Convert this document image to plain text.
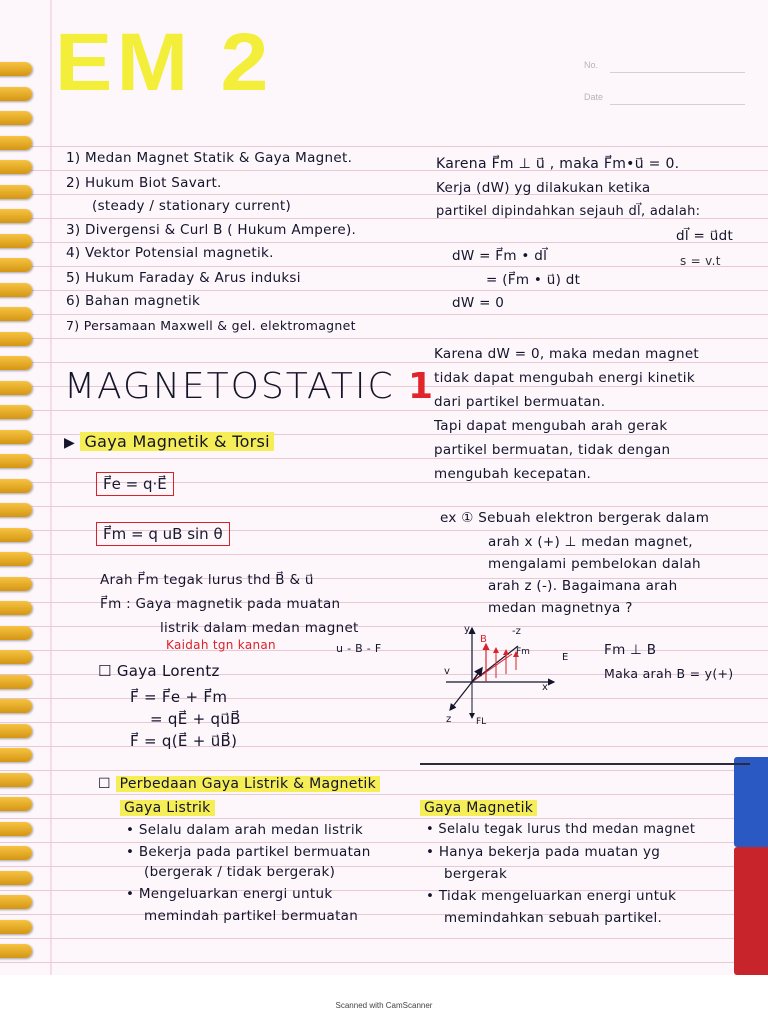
EM 2	No.
Date
1) Medan Magnet Statik & Gaya Magnet.
2) Hukum Biot Savart.
(steady / stationary current)
3) Divergensi & Curl B ( Hukum Ampere).
4) Vektor Potensial magnetik.
5) Hukum Faraday & Arus induksi
6) Bahan magnetik
7) Persamaan Maxwell & gel. elektromagnet
Karena F⃗m ⊥ u⃗ , maka F⃗m•u⃗ = 0.
Kerja (dW) yg dilakukan ketika
partikel dipindahkan sejauh dl⃗, adalah:
dl⃗ = u⃗dt
dW = F⃗m • dl⃗	s = v.t
= (F⃗m • u⃗) dt
dW = 0
Karena dW = 0, maka medan magnet
tidak dapat mengubah energi kinetik
dari partikel bermuatan.
Tapi dapat mengubah arah gerak
partikel bermuatan, tidak dengan
mengubah kecepatan.
MAGNETOSTATIC 1
▶ Gaya Magnetik & Torsi
F⃗e = q·E⃗
F⃗m = q uB sin θ
Arah F⃗m tegak lurus thd B⃗ & u⃗
F⃗m : Gaya magnetik pada muatan
listrik dalam medan magnet
Kaidah tgn kanan	u - B - F
☐ Gaya Lorentz
F⃗ = F⃗e + F⃗m
= qE⃗ + qu⃗B⃗
F⃗ = q(E⃗ + u⃗B⃗)
ex ① Sebuah elektron bergerak dalam
arah x (+) ⊥ medan magnet,
mengalami pembelokan dalah
arah z (-). Bagaimana arah
medan magnetnya ?
y	-z
B
Fm	E
v
x
z	FL
Fm ⊥ B
Maka arah B = y(+)
☐ Perbedaan Gaya Listrik & Magnetik
Gaya Listrik
• Selalu dalam arah medan listrik
• Bekerja pada partikel bermuatan
(bergerak / tidak bergerak)
• Mengeluarkan energi untuk
memindah partikel bermuatan
Gaya Magnetik
• Selalu tegak lurus thd medan magnet
• Hanya bekerja pada muatan yg
bergerak
• Tidak mengeluarkan energi untuk
memindahkan sebuah partikel.
Scanned with CamScanner
